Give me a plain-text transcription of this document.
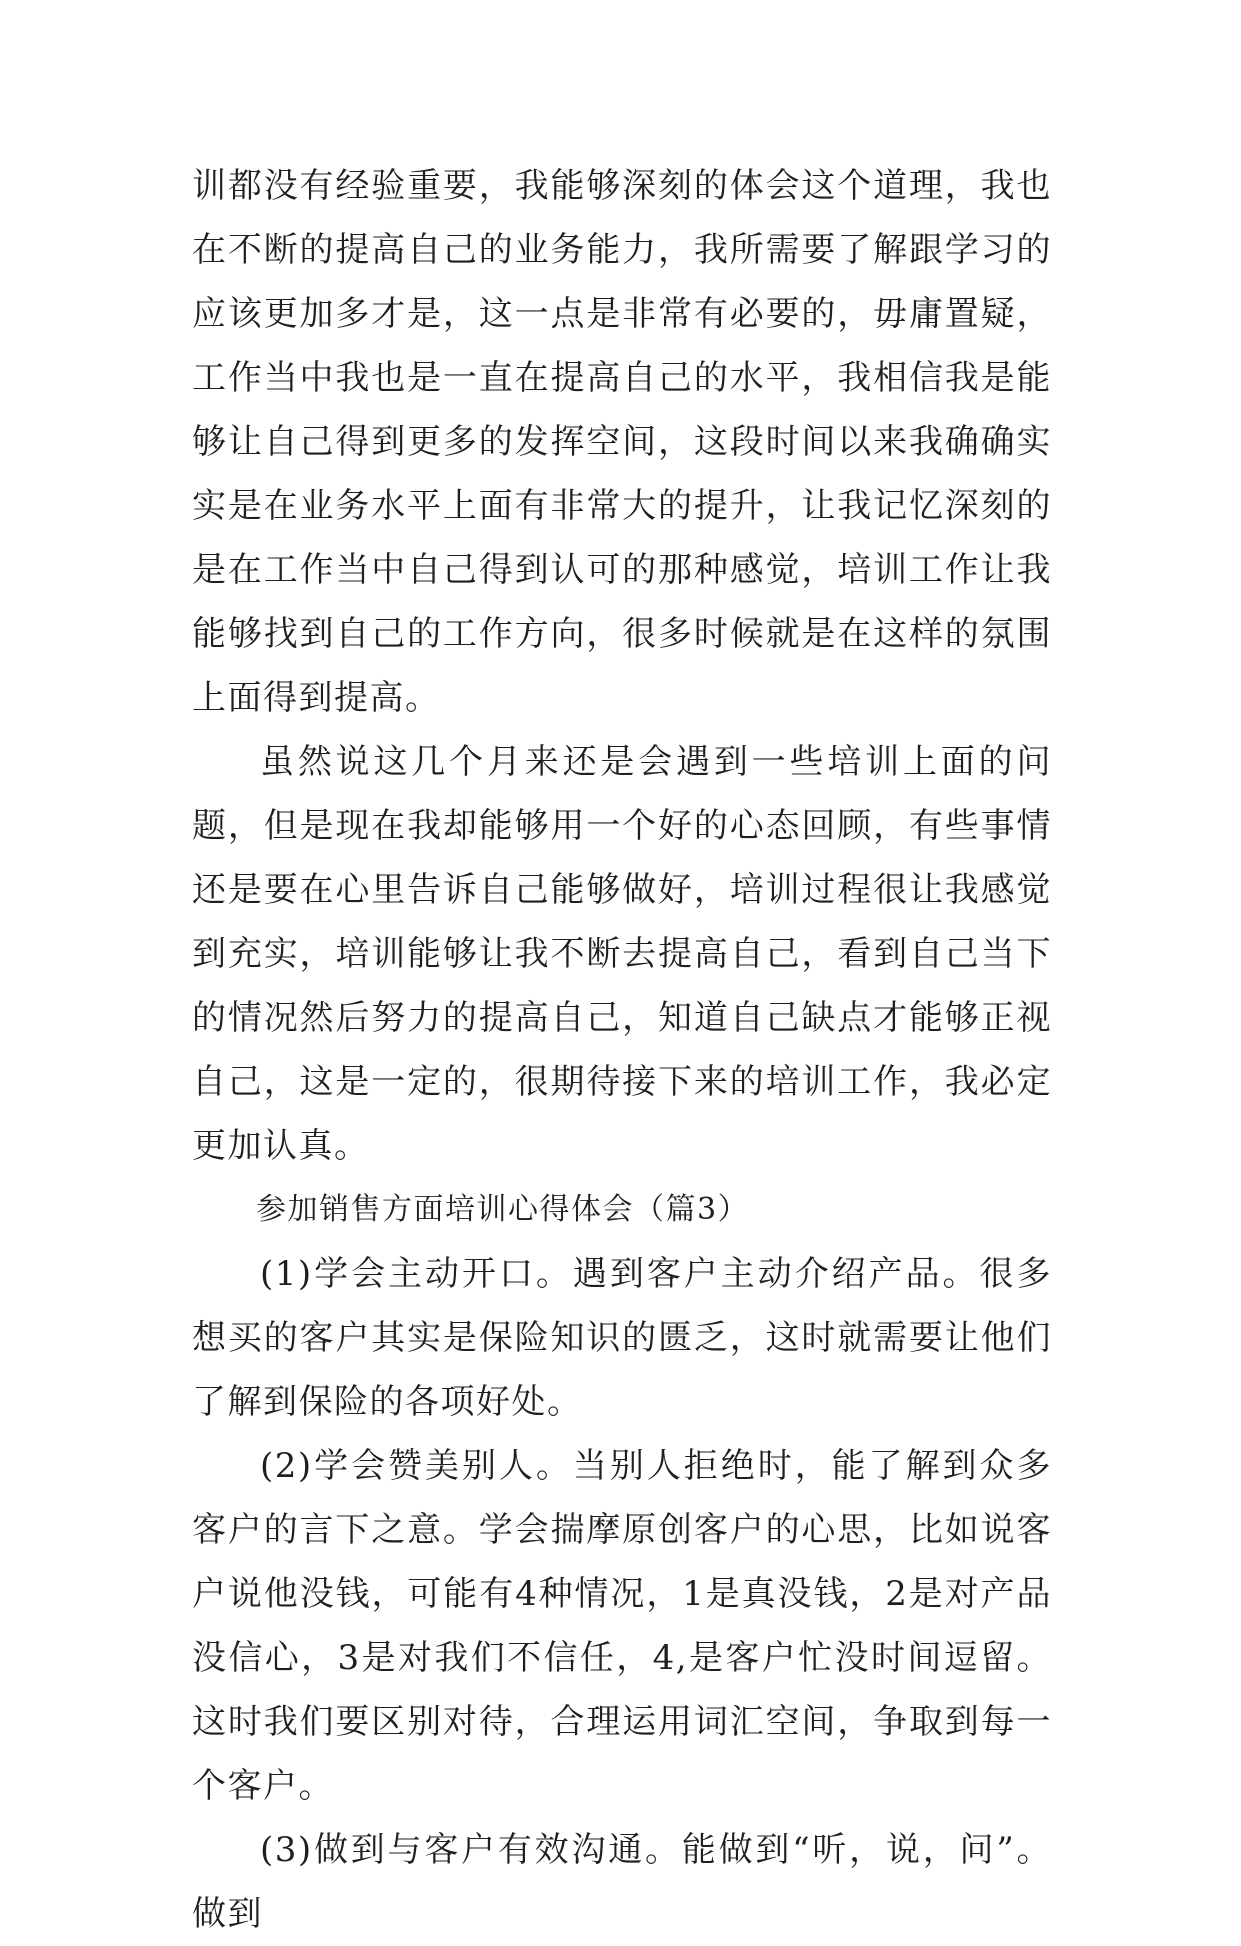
训都没有经验重要，我能够深刻的体会这个道理，我也在不断的提高自己的业务能力，我所需要了解跟学习的应该更加多才是，这一点是非常有必要的，毋庸置疑，工作当中我也是一直在提高自己的水平，我相信我是能够让自己得到更多的发挥空间，这段时间以来我确确实实是在业务水平上面有非常大的提升，让我记忆深刻的是在工作当中自己得到认可的那种感觉，培训工作让我能够找到自己的工作方向，很多时候就是在这样的氛围上面得到提高。

虽然说这几个月来还是会遇到一些培训上面的问题，但是现在我却能够用一个好的心态回顾，有些事情还是要在心里告诉自己能够做好，培训过程很让我感觉到充实，培训能够让我不断去提高自己，看到自己当下的情况然后努力的提高自己，知道自己缺点才能够正视自己，这是一定的，很期待接下来的培训工作，我必定更加认真。

参加销售方面培训心得体会（篇3）

(1)学会主动开口。遇到客户主动介绍产品。很多想买的客户其实是保险知识的匮乏，这时就需要让他们了解到保险的各项好处。

(2)学会赞美别人。当别人拒绝时，能了解到众多客户的言下之意。学会揣摩原创客户的心思，比如说客户说他没钱，可能有4种情况，1是真没钱，2是对产品没信心，3是对我们不信任，4,是客户忙没时间逗留。这时我们要区别对待，合理运用词汇空间，争取到每一个客户。

(3)做到与客户有效沟通。能做到“听，说，问”。做到
